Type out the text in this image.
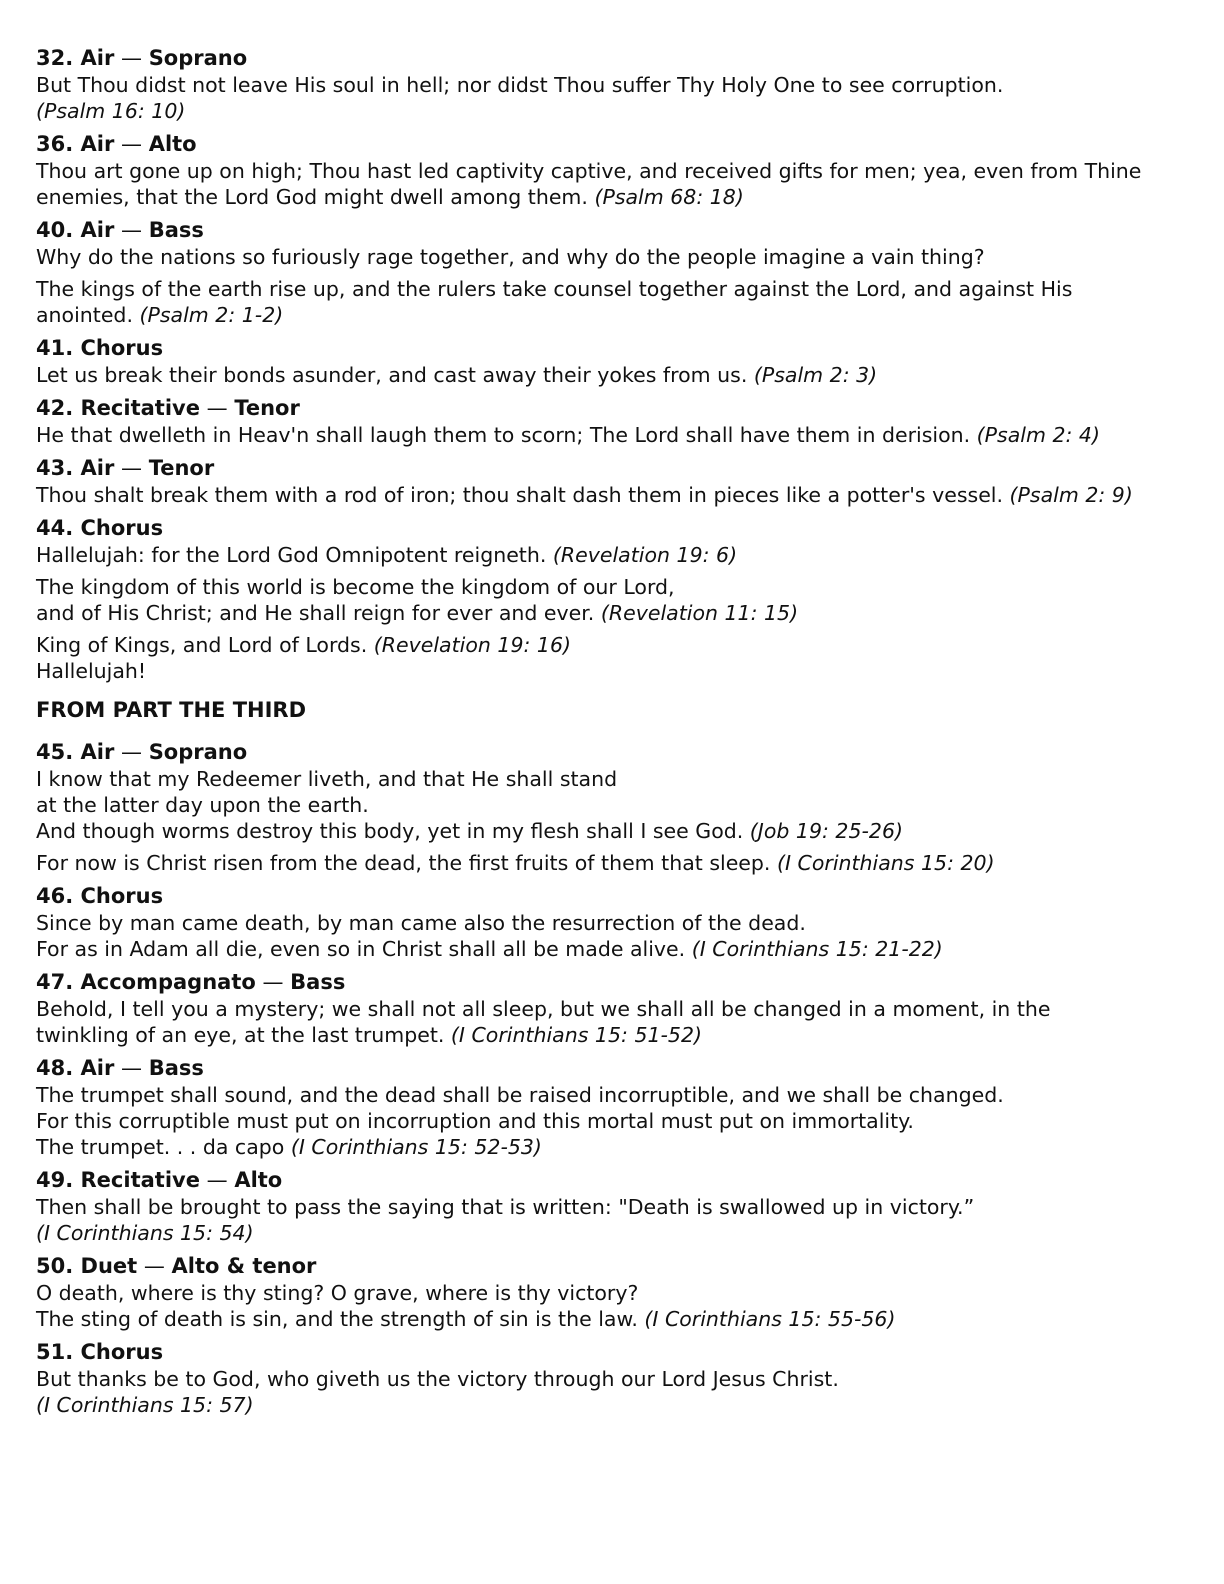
32. Air — Soprano
But Thou didst not leave His soul in hell; nor didst Thou suffer Thy Holy One to see corruption.
(Psalm 16: 10)
36. Air — Alto
Thou art gone up on high; Thou hast led captivity captive, and received gifts for men; yea, even from Thine
enemies, that the Lord God might dwell among them. (Psalm 68: 18)
40. Air — Bass
Why do the nations so furiously rage together, and why do the people imagine a vain thing?
The kings of the earth rise up, and the rulers take counsel together against the Lord, and against His
anointed. (Psalm 2: 1-2)
41. Chorus
Let us break their bonds asunder, and cast away their yokes from us. (Psalm 2: 3)
42. Recitative — Tenor
He that dwelleth in Heav'n shall laugh them to scorn; The Lord shall have them in derision. (Psalm 2: 4)
43. Air — Tenor
Thou shalt break them with a rod of iron; thou shalt dash them in pieces like a potter's vessel. (Psalm 2: 9)
44. Chorus
Hallelujah: for the Lord God Omnipotent reigneth. (Revelation 19: 6)
The kingdom of this world is become the kingdom of our Lord,
and of His Christ; and He shall reign for ever and ever. (Revelation 11: 15)
King of Kings, and Lord of Lords. (Revelation 19: 16)
Hallelujah!
FROM PART THE THIRD
45. Air — Soprano
I know that my Redeemer liveth, and that He shall stand
at the latter day upon the earth.
And though worms destroy this body, yet in my flesh shall I see God. (Job 19: 25-26)
For now is Christ risen from the dead, the first fruits of them that sleep. (I Corinthians 15: 20)
46. Chorus
Since by man came death, by man came also the resurrection of the dead.
For as in Adam all die, even so in Christ shall all be made alive. (I Corinthians 15: 21-22)
47. Accompagnato — Bass
Behold, I tell you a mystery; we shall not all sleep, but we shall all be changed in a moment, in the
twinkling of an eye, at the last trumpet. (I Corinthians 15: 51-52)
48. Air — Bass
The trumpet shall sound, and the dead shall be raised incorruptible, and we shall be changed.
For this corruptible must put on incorruption and this mortal must put on immortality.
The trumpet. . . da capo (I Corinthians 15: 52-53)
49. Recitative — Alto
Then shall be brought to pass the saying that is written: "Death is swallowed up in victory.”
(I Corinthians 15: 54)
50. Duet — Alto & tenor
O death, where is thy sting? O grave, where is thy victory?
The sting of death is sin, and the strength of sin is the law. (I Corinthians 15: 55-56)
51. Chorus
But thanks be to God, who giveth us the victory through our Lord Jesus Christ.
(I Corinthians 15: 57)
